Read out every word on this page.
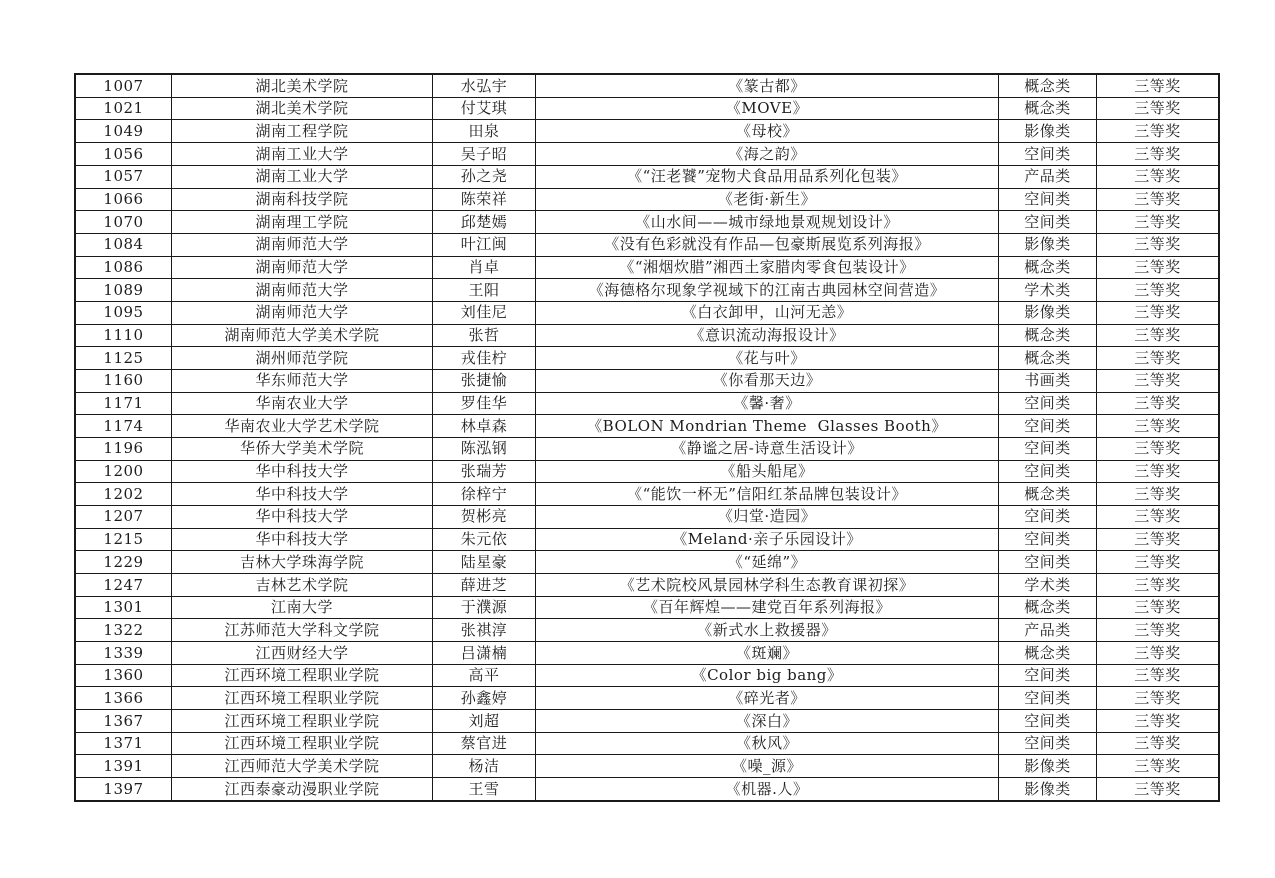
1007	湖北美术学院	水弘宇	《篆古都》	概念类	三等奖
1021	湖北美术学院	付艾琪	《MOVE》	概念类	三等奖
1049	湖南工程学院	田泉	《母校》	影像类	三等奖
1056	湖南工业大学	吴子昭	《海之韵》	空间类	三等奖
1057	湖南工业大学	孙之尧	《“汪老饕”宠物犬食品用品系列化包装》	产品类	三等奖
1066	湖南科技学院	陈荣祥	《老街·新生》	空间类	三等奖
1070	湖南理工学院	邱楚嫣	《山水间——城市绿地景观规划设计》	空间类	三等奖
1084	湖南师范大学	叶江闽	《没有色彩就没有作品—包豪斯展览系列海报》	影像类	三等奖
1086	湖南师范大学	肖卓	《“湘烟炊腊”湘西土家腊肉零食包装设计》	概念类	三等奖
1089	湖南师范大学	王阳	《海德格尔现象学视域下的江南古典园林空间营造》	学术类	三等奖
1095	湖南师范大学	刘佳尼	《白衣卸甲，山河无恙》	影像类	三等奖
1110	湖南师范大学美术学院	张哲	《意识流动海报设计》	概念类	三等奖
1125	湖州师范学院	戎佳柠	《花与叶》	概念类	三等奖
1160	华东师范大学	张捷愉	《你看那天边》	书画类	三等奖
1171	华南农业大学	罗佳华	《馨·奢》	空间类	三等奖
1174	华南农业大学艺术学院	林卓森	《BOLON Mondrian Theme  Glasses Booth》	空间类	三等奖
1196	华侨大学美术学院	陈泓钢	《静谧之居-诗意生活设计》	空间类	三等奖
1200	华中科技大学	张瑞芳	《船头船尾》	空间类	三等奖
1202	华中科技大学	徐梓宁	《“能饮一杯无”信阳红茶品牌包装设计》	概念类	三等奖
1207	华中科技大学	贺彬亮	《归堂·造园》	空间类	三等奖
1215	华中科技大学	朱元依	《Meland·亲子乐园设计》	空间类	三等奖
1229	吉林大学珠海学院	陆星豪	《“延绵”》	空间类	三等奖
1247	吉林艺术学院	薛进芝	《艺术院校风景园林学科生态教育课初探》	学术类	三等奖
1301	江南大学	于濮源	《百年辉煌——建党百年系列海报》	概念类	三等奖
1322	江苏师范大学科文学院	张祺淳	《新式水上救援器》	产品类	三等奖
1339	江西财经大学	吕潇楠	《斑斓》	概念类	三等奖
1360	江西环境工程职业学院	高平	《Color big bang》	空间类	三等奖
1366	江西环境工程职业学院	孙鑫婷	《碎光者》	空间类	三等奖
1367	江西环境工程职业学院	刘超	《深白》	空间类	三等奖
1371	江西环境工程职业学院	蔡官进	《秋风》	空间类	三等奖
1391	江西师范大学美术学院	杨洁	《噪_源》	影像类	三等奖
1397	江西泰豪动漫职业学院	王雪	《机器.人》	影像类	三等奖
